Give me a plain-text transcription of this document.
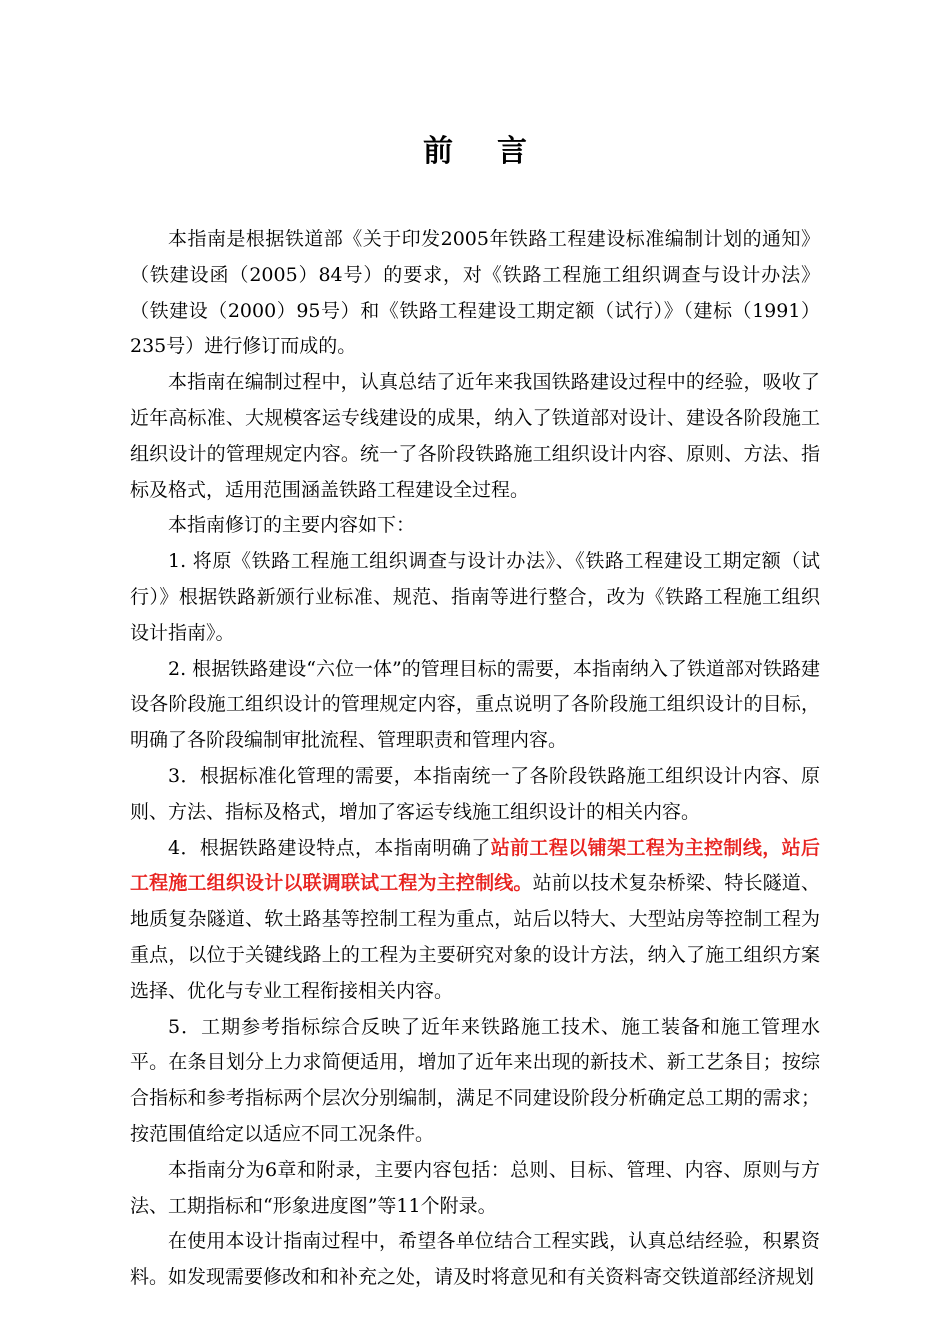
前言

本指南是根据铁道部《关于印发2005年铁路工程建设标准编制计划的通知》（铁建设函（2005）84号）的要求，对《铁路工程施工组织调查与设计办法》（铁建设（2000）95号）和《铁路工程建设工期定额（试行）》（建标（1991）235号）进行修订而成的。

本指南在编制过程中，认真总结了近年来我国铁路建设过程中的经验，吸收了近年高标准、大规模客运专线建设的成果，纳入了铁道部对设计、建设各阶段施工组织设计的管理规定内容。统一了各阶段铁路施工组织设计内容、原则、方法、指标及格式，适用范围涵盖铁路工程建设全过程。

本指南修订的主要内容如下：

1. 将原《铁路工程施工组织调查与设计办法》、《铁路工程建设工期定额（试行）》根据铁路新颁行业标准、规范、指南等进行整合，改为《铁路工程施工组织设计指南》。

2. 根据铁路建设“六位一体”的管理目标的需要，本指南纳入了铁道部对铁路建设各阶段施工组织设计的管理规定内容，重点说明了各阶段施工组织设计的目标，明确了各阶段编制审批流程、管理职责和管理内容。

3．根据标准化管理的需要，本指南统一了各阶段铁路施工组织设计内容、原则、方法、指标及格式，增加了客运专线施工组织设计的相关内容。

4．根据铁路建设特点，本指南明确了站前工程以铺架工程为主控制线，站后工程施工组织设计以联调联试工程为主控制线。站前以技术复杂桥梁、特长隧道、地质复杂隧道、软土路基等控制工程为重点，站后以特大、大型站房等控制工程为重点，以位于关键线路上的工程为主要研究对象的设计方法，纳入了施工组织方案选择、优化与专业工程衔接相关内容。

5．工期参考指标综合反映了近年来铁路施工技术、施工装备和施工管理水平。在条目划分上力求简便适用，增加了近年来出现的新技术、新工艺条目；按综合指标和参考指标两个层次分别编制，满足不同建设阶段分析确定总工期的需求；按范围值给定以适应不同工况条件。

本指南分为6章和附录，主要内容包括：总则、目标、管理、内容、原则与方法、工期指标和“形象进度图”等11个附录。

在使用本设计指南过程中，希望各单位结合工程实践，认真总结经验，积累资料。如发现需要修改和和补充之处，请及时将意见和有关资料寄交铁道部经济规划
